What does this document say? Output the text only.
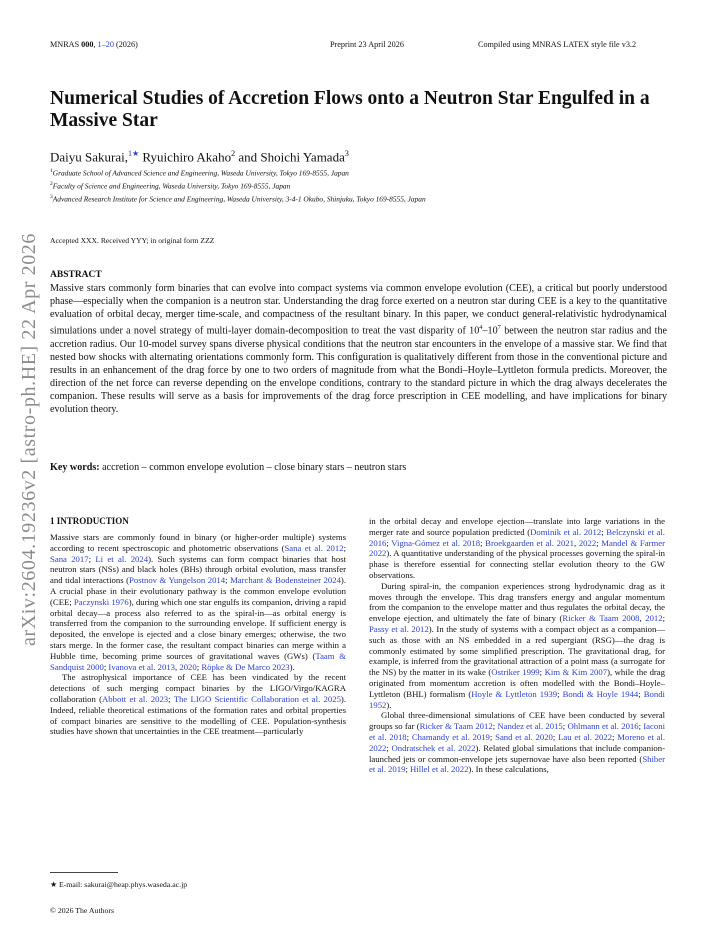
MNRAS 000, 1–20 (2026)	Preprint 23 April 2026	Compiled using MNRAS LATEX style file v3.2
Numerical Studies of Accretion Flows onto a Neutron Star Engulfed in a Massive Star
Daiyu Sakurai,$^{1★}$ Ryuichiro Akaho$^2$ and Shoichi Yamada$^3$
$^1$Graduate School of Advanced Science and Engineering, Waseda University, Tokyo 169-8555, Japan
$^2$Faculty of Science and Engineering, Waseda University, Tokyo 169-8555, Japan
$^3$Advanced Research Institute for Science and Engineering, Waseda University, 3-4-1 Okubo, Shinjuku, Tokyo 169-8555, Japan
Accepted XXX. Received YYY; in original form ZZZ
ABSTRACT

Massive stars commonly form binaries that can evolve into compact systems via common envelope evolution (CEE), a critical but poorly understood phase—especially when the companion is a neutron star. Understanding the drag force exerted on a neutron star during CEE is a key to the quantitative evaluation of orbital decay, merger time-scale, and compactness of the resultant binary. In this paper, we conduct general-relativistic hydrodynamical simulations under a novel strategy of multi-layer domain-decomposition to treat the vast disparity of $10^4-10^7$ between the neutron star radius and the accretion radius. Our 10-model survey spans diverse physical conditions that the neutron star encounters in the envelope of a massive star. We find that nested bow shocks with alternating orientations commonly form. This configuration is qualitatively different from those in the conventional picture and results in an enhancement of the drag force by one to two orders of magnitude from what the Bondi–Hoyle–Lyttleton formula predicts. Moreover, the direction of the net force can reverse depending on the envelope conditions, contrary to the standard picture in which the drag always decelerates the companion. These results will serve as a basis for improvements of the drag force prescription in CEE modelling, and have implications for binary evolution theory.

Key words: accretion – common envelope evolution – close binary stars – neutron stars
arXiv:2604.19236v2 [astro-ph.HE] 22 Apr 2026	1 INTRODUCTION

Massive stars are commonly found in binary (or higher-order multiple) systems according to recent spectroscopic and photometric observations (Sana et al. 2012; Sana 2017; Li et al. 2024). Such systems can form compact binaries that host neutron stars (NSs) and black holes (BHs) through orbital evolution, mass transfer and tidal interactions (Postnov & Yungelson 2014; Marchant & Bodensteiner 2024). A crucial phase in their evolutionary pathway is the common envelope evolution (CEE; Paczynski 1976), during which one star engulfs its companion, driving a rapid orbital decay—a process also referred to as the spiral-in—as orbital energy is transferred from the companion to the surrounding envelope. If sufficient energy is deposited, the envelope is ejected and a close binary emerges; otherwise, the two stars merge. In the former case, the resultant compact binaries can merge within a Hubble time, becoming prime sources of gravitational waves (GWs) (Taam & Sandquist 2000; Ivanova et al. 2013, 2020; Röpke & De Marco 2023).

The astrophysical importance of CEE has been vindicated by the recent detections of such merging compact binaries by the LIGO/Virgo/KAGRA collaboration (Abbott et al. 2023; The LIGO Scientific Collaboration et al. 2025). Indeed, reliable theoretical estimations of the formation rates and orbital properties of compact binaries are sensitive to the modelling of CEE. Population-synthesis studies have shown that uncertainties in the CEE treatment—particularly

in the orbital decay and envelope ejection—translate into large variations in the merger rate and source population predicted (Dominik et al. 2012; Belczynski et al. 2016; Vigna-Gómez et al. 2018; Broekgaarden et al. 2021, 2022; Mandel & Farmer 2022). A quantitative understanding of the physical processes governing the spiral-in phase is therefore essential for connecting stellar evolution theory to the GW observations.

During spiral-in, the companion experiences strong hydrodynamic drag as it moves through the envelope. This drag transfers energy and angular momentum from the companion to the envelope matter and thus regulates the orbital decay, the envelope ejection, and ultimately the fate of binary (Ricker & Taam 2008, 2012; Passy et al. 2012). In the study of systems with a compact object as a companion—such as those with an NS embedded in a red supergiant (RSG)—the drag is commonly estimated by some simplified prescription. The gravitational drag, for example, is inferred from the gravitational attraction of a point mass (a surrogate for the NS) by the matter in its wake (Ostriker 1999; Kim & Kim 2007), while the drag originated from momentum accretion is often modelled with the Bondi–Hoyle–Lyttleton (BHL) formalism (Hoyle & Lyttleton 1939; Bondi & Hoyle 1944; Bondi 1952).

Global three-dimensional simulations of CEE have been conducted by several groups so far (Ricker & Taam 2012; Nandez et al. 2015; Ohlmann et al. 2016; Iaconi et al. 2018; Chamandy et al. 2019; Sand et al. 2020; Lau et al. 2022; Moreno et al. 2022; Ondratschek et al. 2022). Related global simulations that include companion-launched jets or common-envelope jets supernovae have also been reported (Shiber et al. 2019; Hillel et al. 2022). In these calculations,

★ E-mail: sakurai@heap.phys.waseda.ac.jp
© 2026 The Authors
